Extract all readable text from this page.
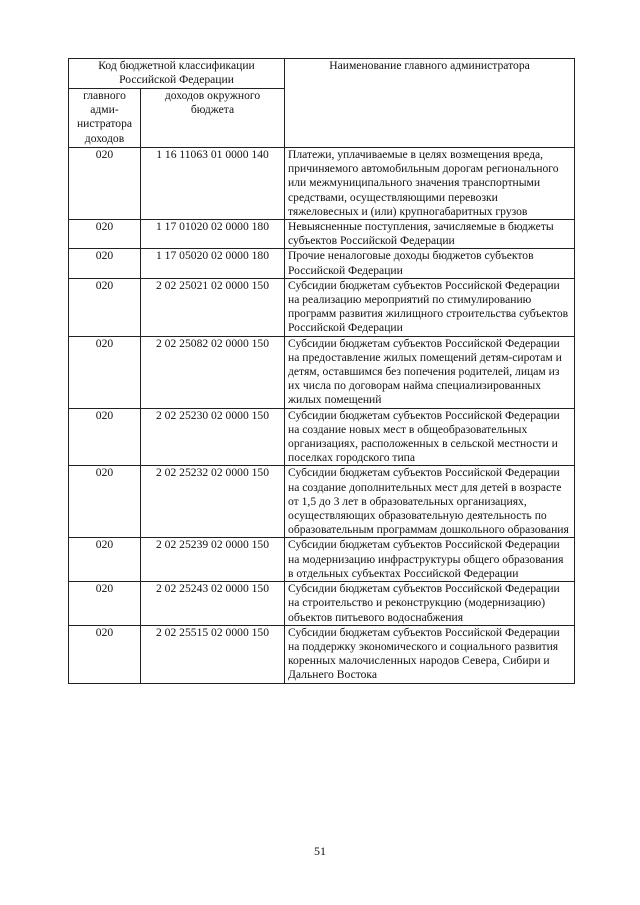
Код бюджетной классификации Российской Федерации		Наименование главного администратора
главного адми-нистратора доходов	доходов окружного бюджета	
020	1 16 11063 01 0000 140	Платежи, уплачиваемые в целях возмещения вреда, причиняемого автомобильным дорогам регионального или межмуниципального значения транспортными средствами, осуществляющими перевозки тяжеловесных и (или) крупногабаритных грузов
020	1 17 01020 02 0000 180	Невыясненные поступления, зачисляемые в бюджеты субъектов Российской Федерации
020	1 17 05020 02 0000 180	Прочие неналоговые доходы бюджетов субъектов Российской Федерации
020	2 02 25021 02 0000 150	Субсидии бюджетам субъектов Российской Федерации на реализацию мероприятий по стимулированию программ развития жилищного строительства субъектов Российской Федерации
020	2 02 25082 02 0000 150	Субсидии бюджетам субъектов Российской Федерации на предоставление жилых помещений детям-сиротам и детям, оставшимся без попечения родителей, лицам из их числа по договорам найма специализированных жилых помещений
020	2 02 25230 02 0000 150	Субсидии бюджетам субъектов Российской Федерации на создание новых мест в общеобразовательных организациях, расположенных в сельской местности и поселках городского типа
020	2 02 25232 02 0000 150	Субсидии бюджетам субъектов Российской Федерации на создание дополнительных мест для детей в возрасте от 1,5 до 3 лет в образовательных организациях, осуществляющих образовательную деятельность по образовательным программам дошкольного образования
020	2 02 25239 02 0000 150	Субсидии бюджетам субъектов Российской Федерации на модернизацию инфраструктуры общего образования в отдельных субъектах Российской Федерации
020	2 02 25243 02 0000 150	Субсидии бюджетам субъектов Российской Федерации на строительство и реконструкцию (модернизацию) объектов питьевого водоснабжения
020	2 02 25515 02 0000 150	Субсидии бюджетам субъектов Российской Федерации на поддержку экономического и социального развития коренных малочисленных народов Севера, Сибири и Дальнего Востока
51
